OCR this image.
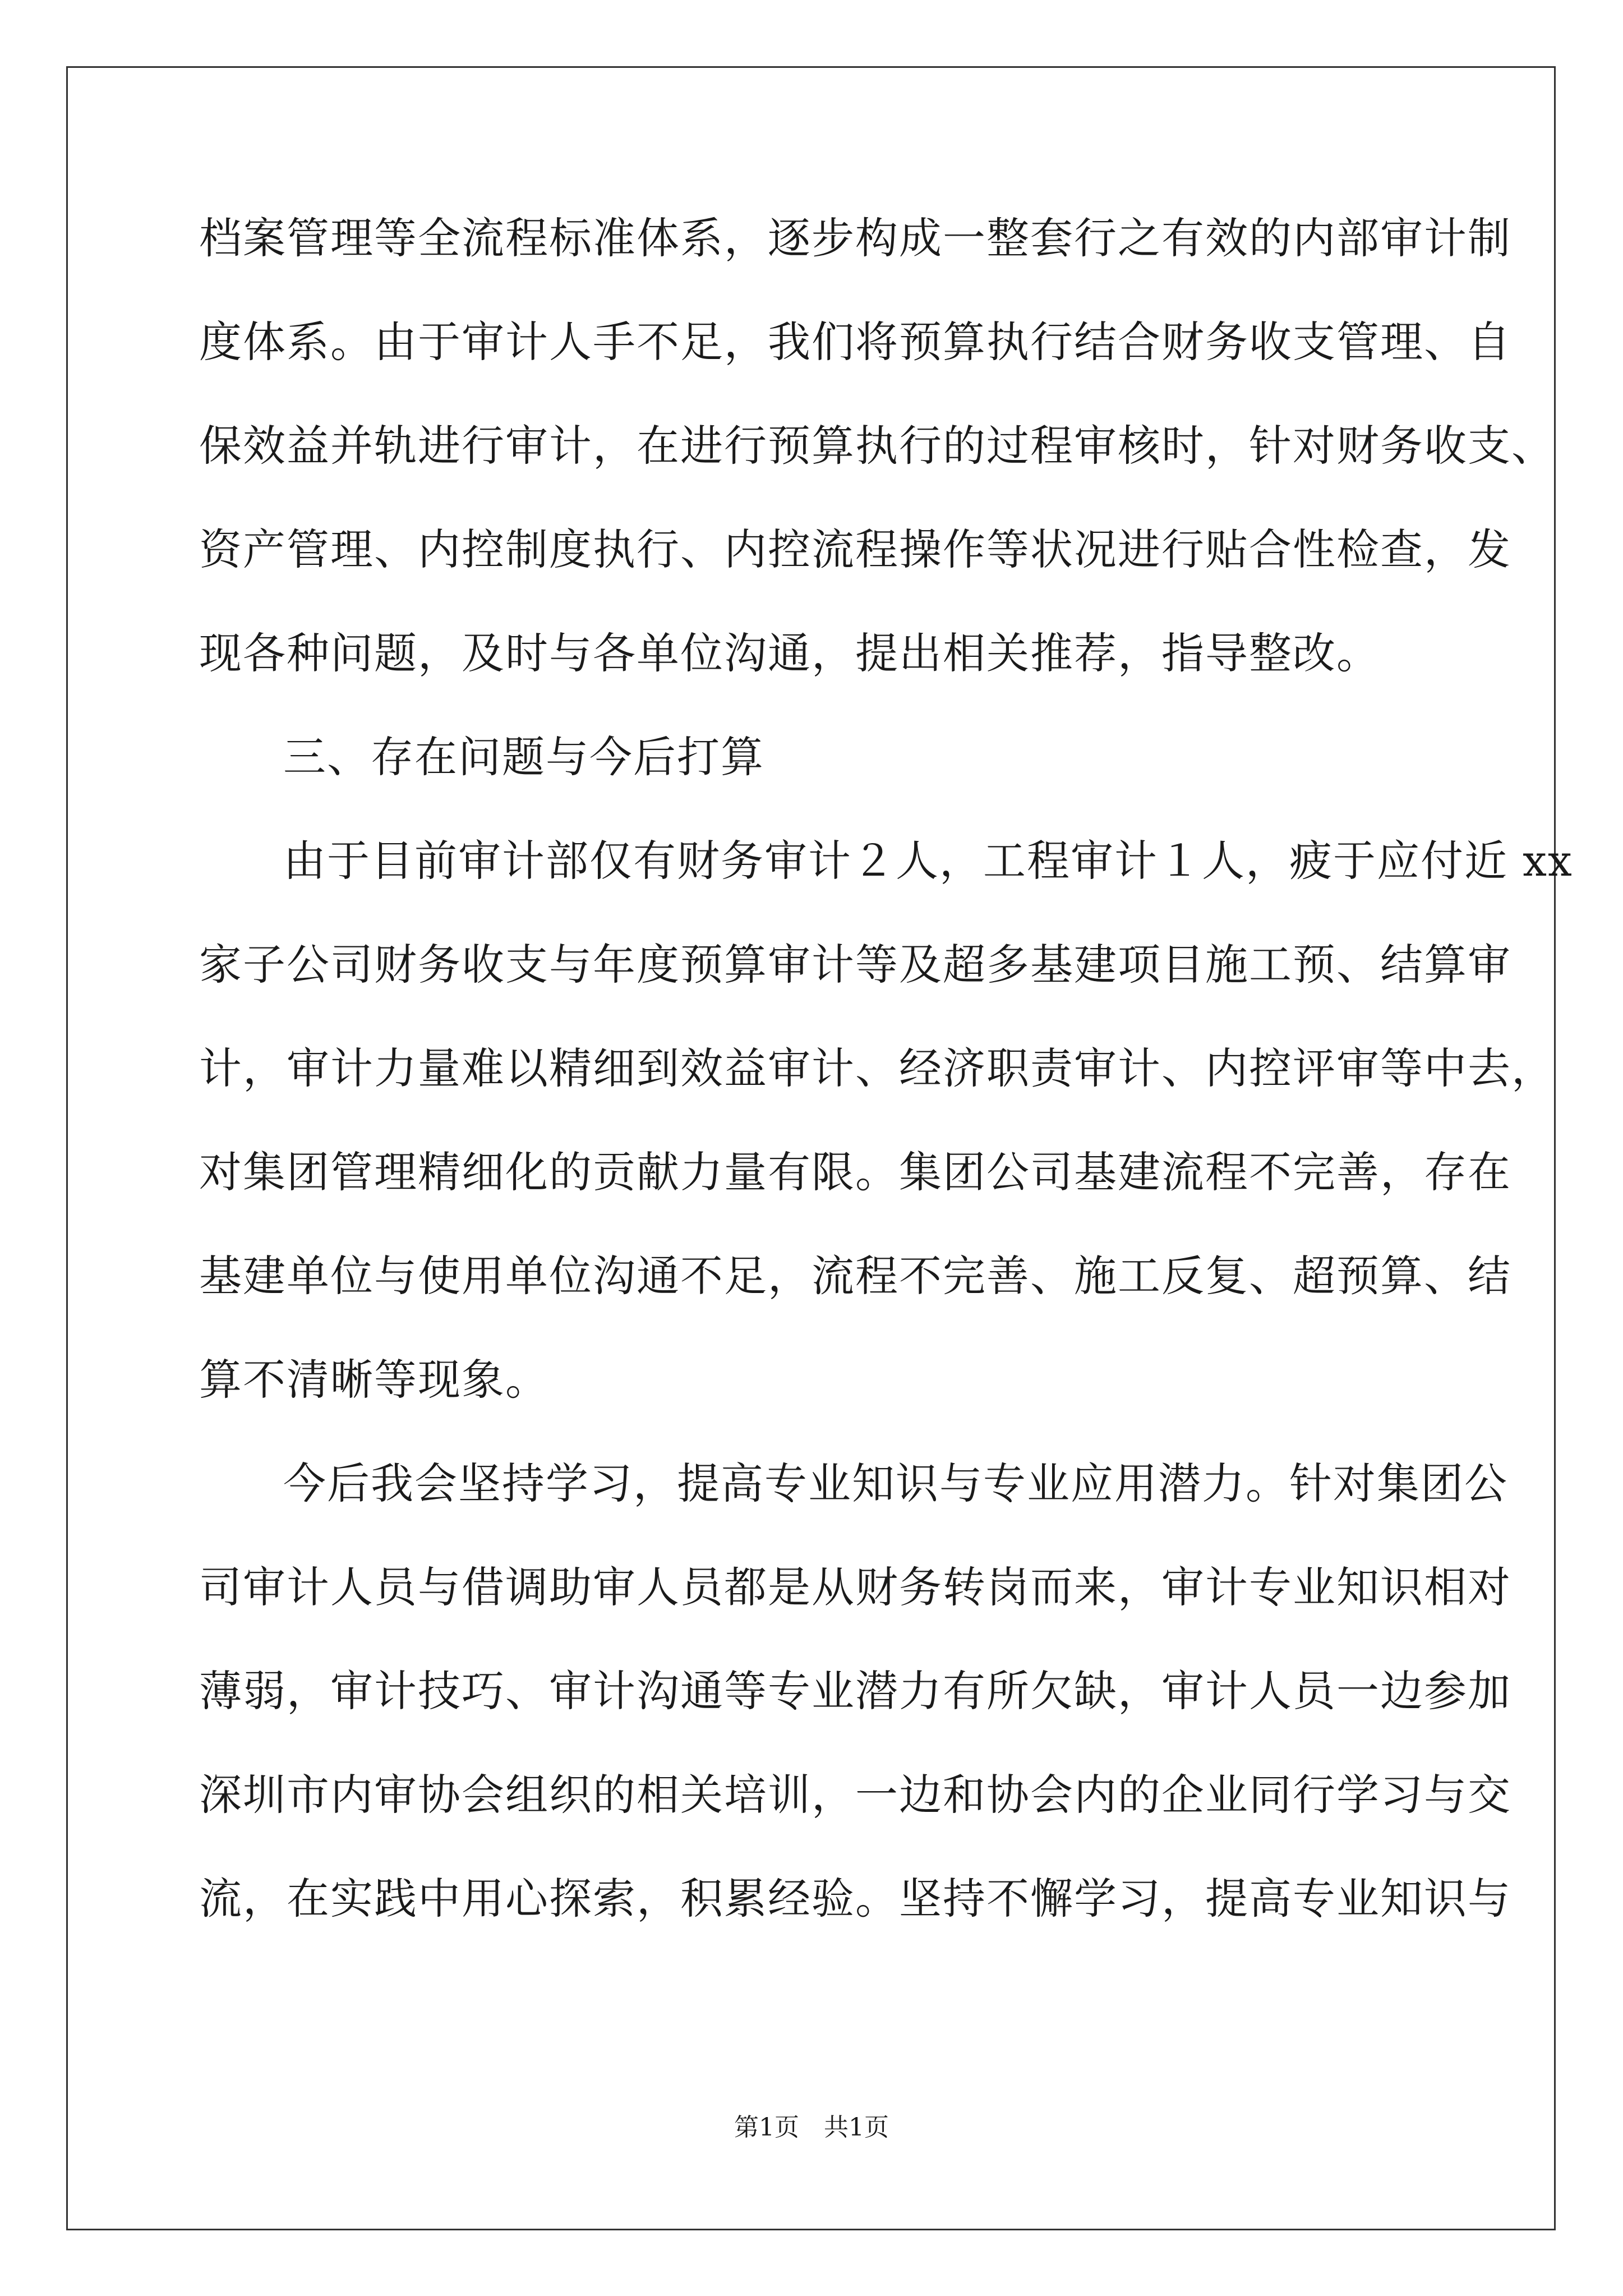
档案管理等全流程标准体系，逐步构成一整套行之有效的内部审计制
度体系。由于审计人手不足，我们将预算执行结合财务收支管理、自
保效益并轨进行审计，在进行预算执行的过程审核时，针对财务收支、
资产管理、内控制度执行、内控流程操作等状况进行贴合性检查，发
现各种问题，及时与各单位沟通，提出相关推荐，指导整改。
三、存在问题与今后打算
由于目前审计部仅有财务审计２人，工程审计１人，疲于应付近 xx
家子公司财务收支与年度预算审计等及超多基建项目施工预、结算审
计，审计力量难以精细到效益审计、经济职责审计、内控评审等中去，
对集团管理精细化的贡献力量有限。集团公司基建流程不完善，存在
基建单位与使用单位沟通不足，流程不完善、施工反复、超预算、结
算不清晰等现象。
今后我会坚持学习，提高专业知识与专业应用潜力。针对集团公
司审计人员与借调助审人员都是从财务转岗而来，审计专业知识相对
薄弱，审计技巧、审计沟通等专业潜力有所欠缺，审计人员一边参加
深圳市内审协会组织的相关培训，一边和协会内的企业同行学习与交
流，在实践中用心探索，积累经验。坚持不懈学习，提高专业知识与
第1页　共1页
